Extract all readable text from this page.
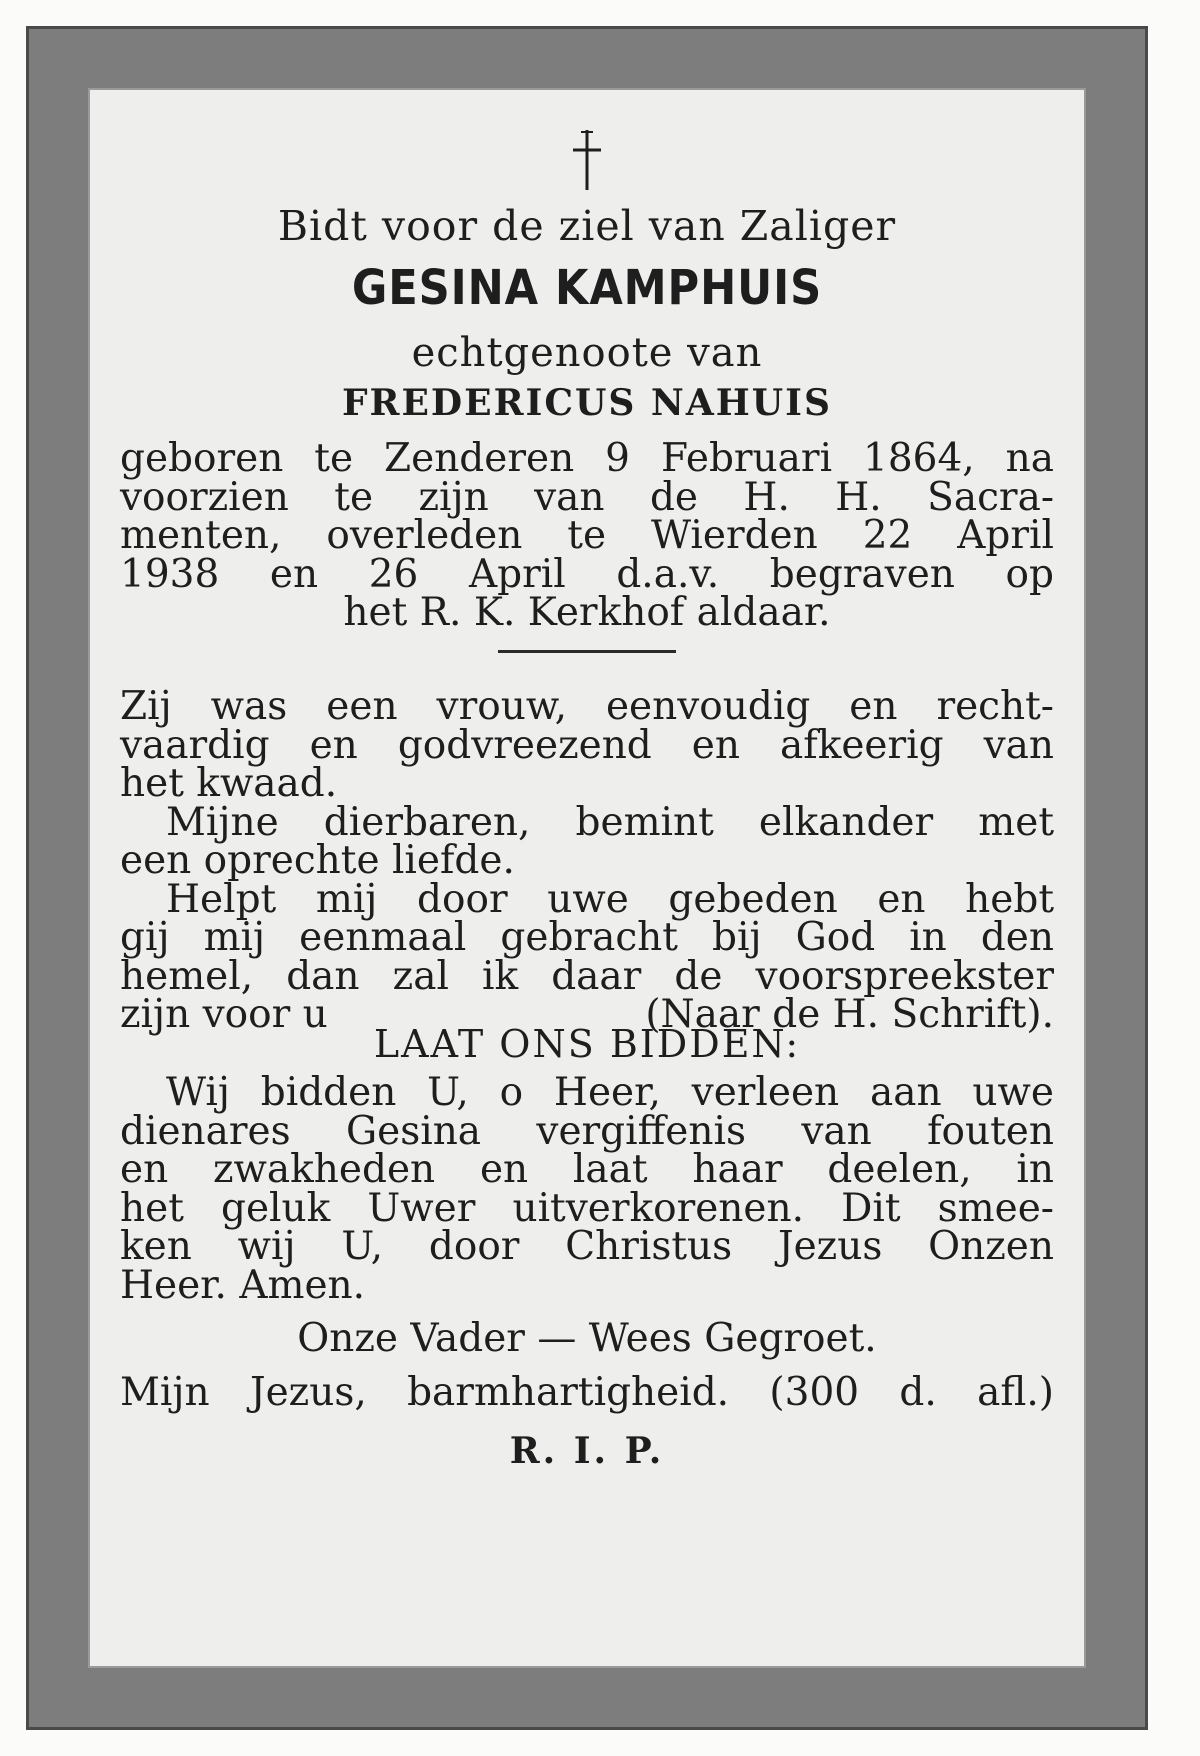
Bidt voor de ziel van Zaliger
GESINA KAMPHUIS
echtgenoote van
FREDERICUS NAHUIS
geboren te Zenderen 9 Februari 1864, na
voorzien te zijn van de H. H. Sacra-
menten, overleden te Wierden 22 April
1938 en 26 April d.a.v. begraven op
het R. K. Kerkhof aldaar.
Zij was een vrouw, eenvoudig en recht-
vaardig en godvreezend en afkeerig van
het kwaad.
Mijne dierbaren, bemint elkander met
een oprechte liefde.
Helpt mij door uwe gebeden en hebt
gij mij eenmaal gebracht bij God in den
hemel, dan zal ik daar de voorspreekster
zijn voor u	(Naar de H. Schrift).
LAAT ONS BIDDEN:
Wij bidden U, o Heer, verleen aan uwe
dienares Gesina vergiffenis van fouten
en zwakheden en laat haar deelen, in
het geluk Uwer uitverkorenen. Dit smee-
ken wij U, door Christus Jezus Onzen
Heer. Amen.
Onze Vader — Wees Gegroet.
Mijn Jezus, barmhartigheid. (300 d. afl.)
R. I. P.
